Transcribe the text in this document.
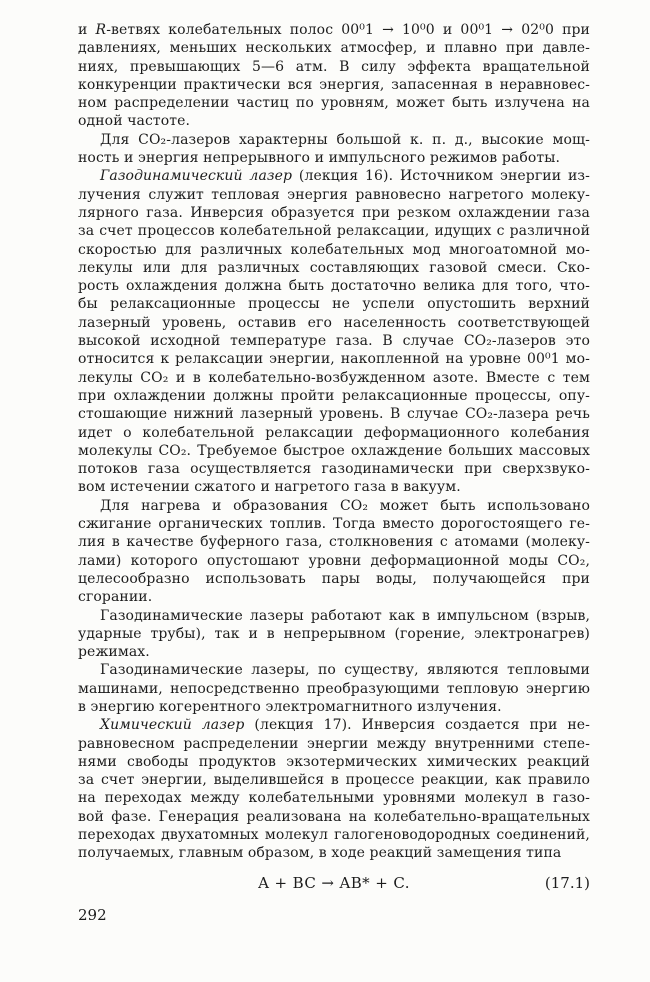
и R-ветвях колебательных полос 00⁰1 → 10⁰0 и 00⁰1 → 02⁰0 при
давлениях, меньших нескольких атмосфер, и плавно при давле-
ниях, превышающих 5—6 атм. В силу эффекта вращательной
конкуренции практически вся энергия, запасенная в неравновес-
ном распределении частиц по уровням, может быть излучена на
одной частоте.
Для CO₂-лазеров характерны большой к. п. д., высокие мощ-
ность и энергия непрерывного и импульсного режимов работы.
Газодинамический лазер (лекция 16). Источником энергии из-
лучения служит тепловая энергия равновесно нагретого молеку-
лярного газа. Инверсия образуется при резком охлаждении газа
за счет процессов колебательной релаксации, идущих с различной
скоростью для различных колебательных мод многоатомной мо-
лекулы или для различных составляющих газовой смеси. Ско-
рость охлаждения должна быть достаточно велика для того, что-
бы релаксационные процессы не успели опустошить верхний
лазерный уровень, оставив его населенность соответствующей
высокой исходной температуре газа. В случае CO₂-лазеров это
относится к релаксации энергии, накопленной на уровне 00⁰1 мо-
лекулы CO₂ и в колебательно-возбужденном азоте. Вместе с тем
при охлаждении должны пройти релаксационные процессы, опу-
стошающие нижний лазерный уровень. В случае CO₂-лазера речь
идет о колебательной релаксации деформационного колебания
молекулы CO₂. Требуемое быстрое охлаждение больших массовых
потоков газа осуществляется газодинамически при сверхзвуко-
вом истечении сжатого и нагретого газа в вакуум.
Для нагрева и образования CO₂ может быть использовано
сжигание органических топлив. Тогда вместо дорогостоящего ге-
лия в качестве буферного газа, столкновения с атомами (молеку-
лами) которого опустошают уровни деформационной моды CO₂,
целесообразно использовать пары воды, получающейся при
сгорании.
Газодинамические лазеры работают как в импульсном (взрыв,
ударные трубы), так и в непрерывном (горение, электронагрев)
режимах.
Газодинамические лазеры, по существу, являются тепловыми
машинами, непосредственно преобразующими тепловую энергию
в энергию когерентного электромагнитного излучения.
Химический лазер (лекция 17). Инверсия создается при не-
равновесном распределении энергии между внутренними степе-
нями свободы продуктов экзотермических химических реакций
за счет энергии, выделившейся в процессе реакции, как правило
на переходах между колебательными уровнями молекул в газо-
вой фазе. Генерация реализована на колебательно-вращательных
переходах двухатомных молекул галогеноводородных соединений,
получаемых, главным образом, в ходе реакций замещения типа
A + BC → AB* + C.	(17.1)
292
